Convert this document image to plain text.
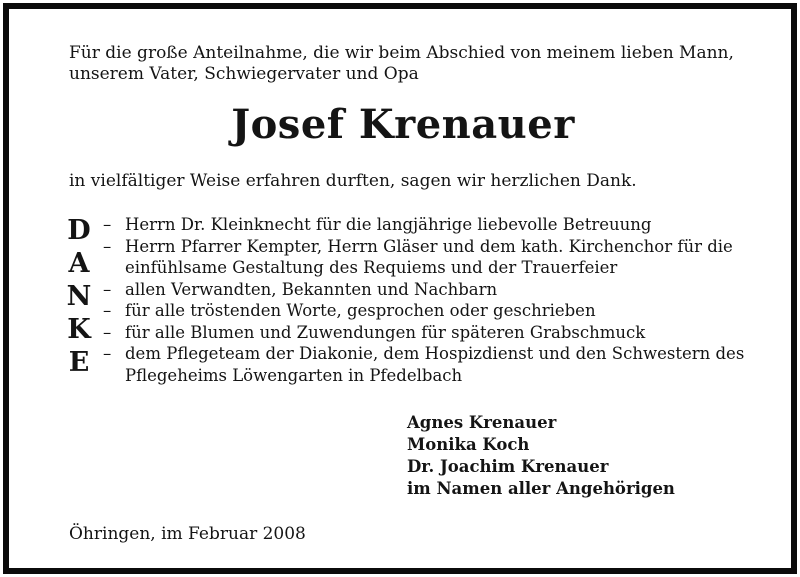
Für die große Anteilnahme, die wir beim Abschied von meinem lieben Mann,
unserem Vater, Schwiegervater und Opa
Josef Krenauer
in vielfältiger Weise erfahren durften, sagen wir herzlichen Dank.
D
A
N
K
E
– Herrn Dr. Kleinknecht für die langjährige liebevolle Betreuung
– Herrn Pfarrer Kempter, Herrn Gläser und dem kath. Kirchenchor für die
einfühlsame Gestaltung des Requiems und der Trauerfeier
– allen Verwandten, Bekannten und Nachbarn
– für alle tröstenden Worte, gesprochen oder geschrieben
– für alle Blumen und Zuwendungen für späteren Grabschmuck
– dem Pflegeteam der Diakonie, dem Hospizdienst und den Schwestern des
Pflegeheims Löwengarten in Pfedelbach
Agnes Krenauer
Monika Koch
Dr. Joachim Krenauer
im Namen aller Angehörigen
Öhringen, im Februar 2008
